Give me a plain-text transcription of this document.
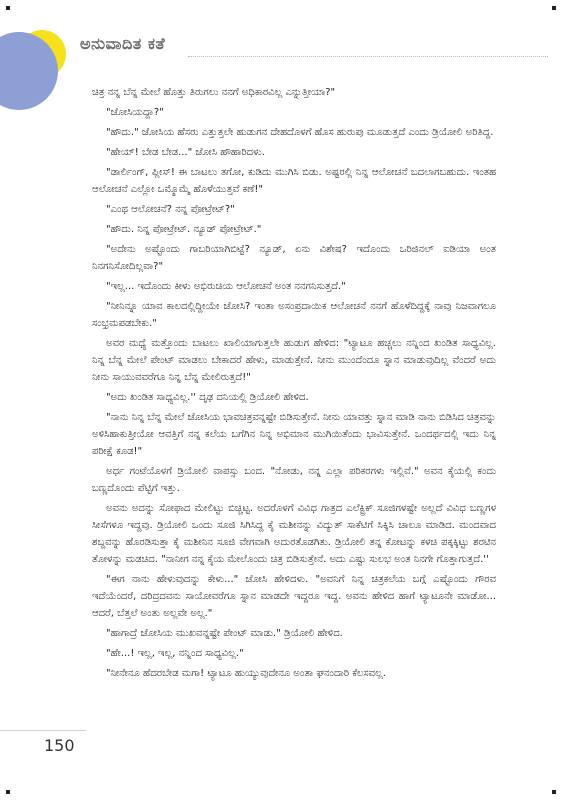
ಅನುವಾದಿತ ಕತೆ

ಚಿತ್ರ ನನ್ನ ಬೆನ್ನ ಮೇಲೆ ಹೊತ್ತು ತಿರುಗಲು ನನಗೆ ಅಧಿಕಾರವಿಲ್ಲ ಎನ್ನುತ್ತೀಯಾ?"

"ಜೋಸಿಯದ್ದಾ?"

"ಹೌದು." ಜೋಸಿಯ ಹೆಸರು ಎತ್ತುತ್ತಲೇ ಹುಡುಗನ ದೇಹದೊಳಗೆ ಹೊಸ ಹುರುಪು ಮೂಡುತ್ತದೆ ಎಂದು ಡ್ರಿಯೋಲಿ ಅರಿತಿದ್ದ.

"ಹೇಯ್! ಬೇಡ ಬೇಡ..." ಜೋಸಿ ಹೌಹಾರಿದಳು.

"ಡಾರ್ಲಿಂಗ್, ಪ್ಲೀಸ್! ಈ ಬಾಟಲು ತಗೋ, ಕುಡಿದು ಮುಗಿಸಿ ಬಿಡು. ಅಷ್ಟರಲ್ಲಿ ನಿನ್ನ ಆಲೋಚನೆ ಬದಲಾಗಬಹುದು. ಇಂತಹ ಆಲೋಚನೆ ಎಲ್ಲೋ ಒಮ್ಮೊಮ್ಮೆ ಹೊಳೆಯುತ್ತವೆ ಕಣೆ!"

"ಎಂಥ ಆಲೋಚನೆ? ನನ್ನ ಪೋಟ್ರೇಟ್?"

"ಹೌದು. ನಿನ್ನ ಪೋಟ್ರೇಟ್. ನ್ಯೂಡ್ ಪೋಟ್ರೇಟ್."

"ಅದೇನು ಅಷ್ಟೊಂದು ಗಾಬರಿಯಾಗಿಬಿಟ್ಟೆ? ನ್ಯೂಡ್, ಏನು ವಿಶೇಷ? ಇದೊಂದು ಒರಿಜಿನಲ್ ಐಡಿಯಾ ಅಂತ ನಿನಗನಿಸೋದಿಲ್ಲವಾ?"

"ಇಲ್ಲ... ಇದೊಂದು ಕೀಳು ಅಭಿರುಚಿಯ ಆಲೋಚನೆ ಅಂತ ನನಗನಿಸುತ್ತದೆ."

"ನೀನಿನ್ನೂ ಯಾವ ಕಾಲದಲ್ಲಿದ್ದೀಯೇ ಜೋಸಿ? ಇಂತಾ ಅಸಂಪ್ರದಾಯಿಕ ಆಲೋಚನೆ ನನಗೆ ಹೊಳೆದಿದ್ದಕ್ಕೆ ನಾವು ನಿಜವಾಗಲೂ ಸಂಭ್ರಮಪಡಬೇಕು."

ಅವರ ಮಧ್ಯೆ ಮತ್ತೊಂದು ಬಾಟಲು ಖಾಲಿಯಾಗುತ್ತಲೇ ಹುಡುಗ ಹೇಳಿದ: "ಟ್ಯಾಟೂ ಹಚ್ಚಲು ನನ್ನಿಂದ ಖಂಡಿತ ಸಾಧ್ಯವಿಲ್ಲ. ನಿನ್ನ ಬೆನ್ನ ಮೇಲೆ ಪೇಂಟ್ ಮಾಡಲು ಬೇಕಾದರೆ ಹೇಳು, ಮಾಡುತ್ತೇನೆ. ನೀನು ಮುಂದೆಂದೂ ಸ್ನಾನ ಮಾಡುವುದಿಲ್ಲ ವೆಂದರೆ ಅದು ನೀನು ಸಾಯುವವರೆಗೂ ನಿನ್ನ ಬೆನ್ನ ಮೇಲಿರುತ್ತದೆ!"

"ಅದು ಖಂಡಿತ ಸಾಧ್ಯವಿಲ್ಲ.'' ದೃಢ ದನಿಯಲ್ಲಿ ಡ್ರಿಯೋಲಿ ಹೇಳಿದ.

"ನಾನು ನಿನ್ನ ಬೆನ್ನ ಮೇಲೆ ಜೋಸಿಯ ಭಾವಚಿತ್ರವನ್ನಷ್ಟೇ ಬಿಡಿಸುತ್ತೇನೆ. ನೀನು ಯಾವತ್ತು ಸ್ನಾನ ಮಾಡಿ ನಾನು ಬಿಡಿಸಿದ ಚಿತ್ರವನ್ನು ಅಳಿಸಿಹಾಕುತ್ತೀಯೋ ಆವತ್ತಿಗೆ ನನ್ನ ಕಲೆಯ ಬಗೆಗಿನ ನಿನ್ನ ಅಭಿಮಾನ ಮುಗಿಯಿತೆಂದು ಭಾವಿಸುತ್ತೇನೆ. ಒಂದರ್ಥದಲ್ಲಿ ಇದು ನಿನ್ನ ಪರೀಕ್ಷೆ ಕೂಡ!"

ಅರ್ಧ ಗಂಟೆಯೊಳಗೆ ಡ್ರಿಯೋಲಿ ವಾಪಸ್ಸು ಬಂದ. "ನೋಡು, ನನ್ನ ಎಲ್ಲಾ ಪರಿಕರಗಳು ಇಲ್ಲಿವೆ." ಅವನ ಕೈಯಲ್ಲಿ ಕಂದು ಬಣ್ಣದೊಂದು ಪೆಟ್ಟಿಗೆ ಇತ್ತು.

ಅವನು ಅದನ್ನು ಸೋಫಾದ ಮೇಲಿಟ್ಟು ಬಿಚ್ಚಿಟ್ಟ. ಅದರೊಳಗೆ ವಿವಿಧ ಗಾತ್ರದ ಎಲೆಕ್ಟ್ರಿಕ್ ಸೂಜಿಗಳಷ್ಟೇ ಅಲ್ಲದೆ ವಿವಿಧ ಬಣ್ಣಗಳ ಸೀಸೆಗಳೂ ಇದ್ದವು. ಡ್ರಿಯೋಲಿ ಒಂದು ಸೂಜಿ ಸಿಗಿಸಿದ್ದ ಕೈ ಮಶೀನನ್ನು ವಿದ್ಯುತ್ ಸಾಕೆಟಿಗೆ ಸಿಕ್ಕಿಸಿ ಚಾಲೂ ಮಾಡಿದ. ಮಂದವಾದ ಶಬ್ದವನ್ನು ಹೊರಡಿಸುತ್ತಾ ಕೈ ಮಶೀನಿನ ಸೂಜಿ ವೇಗವಾಗಿ ಅದುರತೊಡಗಿತು. ಡ್ರಿಯೋಲಿ ತನ್ನ ಕೋಟನ್ನು ಕಳಚಿ ಪಕ್ಕಕ್ಕಿಟ್ಟು ಶರಟಿನ ತೋಳನ್ನು ಮಡಚಿದ. "ನಾನೀಗ ನನ್ನ ಕೈಯ ಮೇಲೊಂದು ಚಿತ್ರ ಬಿಡಿಸುತ್ತೇನೆ. ಅದು ಎಷ್ಟು ಸುಲಭ ಅಂತ ನಿನಗೇ ಗೊತ್ತಾಗುತ್ತದೆ.''

"ಈಗ ನಾನು ಹೇಳುವುದನ್ನು ಕೇಳು..." ಜೋಸಿ ಹೇಳಿದಳು. "ಅವನಿಗೆ ನಿನ್ನ ಚಿತ್ರಕಲೆಯ ಬಗ್ಗೆ ಎಷ್ಟೊಂದು ಗೌರವ ಇದೆಯೆಂದರೆ, ದರಿದ್ರದವನು ಸಾಯೋವರೆಗೂ ಸ್ನಾನ ಮಾಡದೇ ಇದ್ದರೂ ಇದ್ದ. ಅವನು ಹೇಳಿದ ಹಾಗೆ ಟ್ಯಾಟೂನೇ ಮಾಡೋ... ಆದರೆ, ಬೆತ್ತಲೆ ಅಂತು ಅಲ್ಲವೇ ಅಲ್ಲ."

"ಹಾಗಾದ್ರೆ ಜೋಸಿಯ ಮುಖವನ್ನಷ್ಟೇ ಪೇಂಟ್ ಮಾಡು." ಡ್ರಿಯೋಲಿ ಹೇಳಿದ.

"ಹೇ...! ಇಲ್ಲ, ಇಲ್ಲ, ನನ್ನಿಂದ ಸಾಧ್ಯವಿಲ್ಲ."

"ನೀನೇನೂ ಹೆದರಬೇಡ ಮಗಾ! ಟ್ಯಾಟೂ ಹುಯ್ಯುವುದೇನೂ ಅಂತಾ ಘನಂದಾರಿ ಕೆಲಸವಲ್ಲ.

150
